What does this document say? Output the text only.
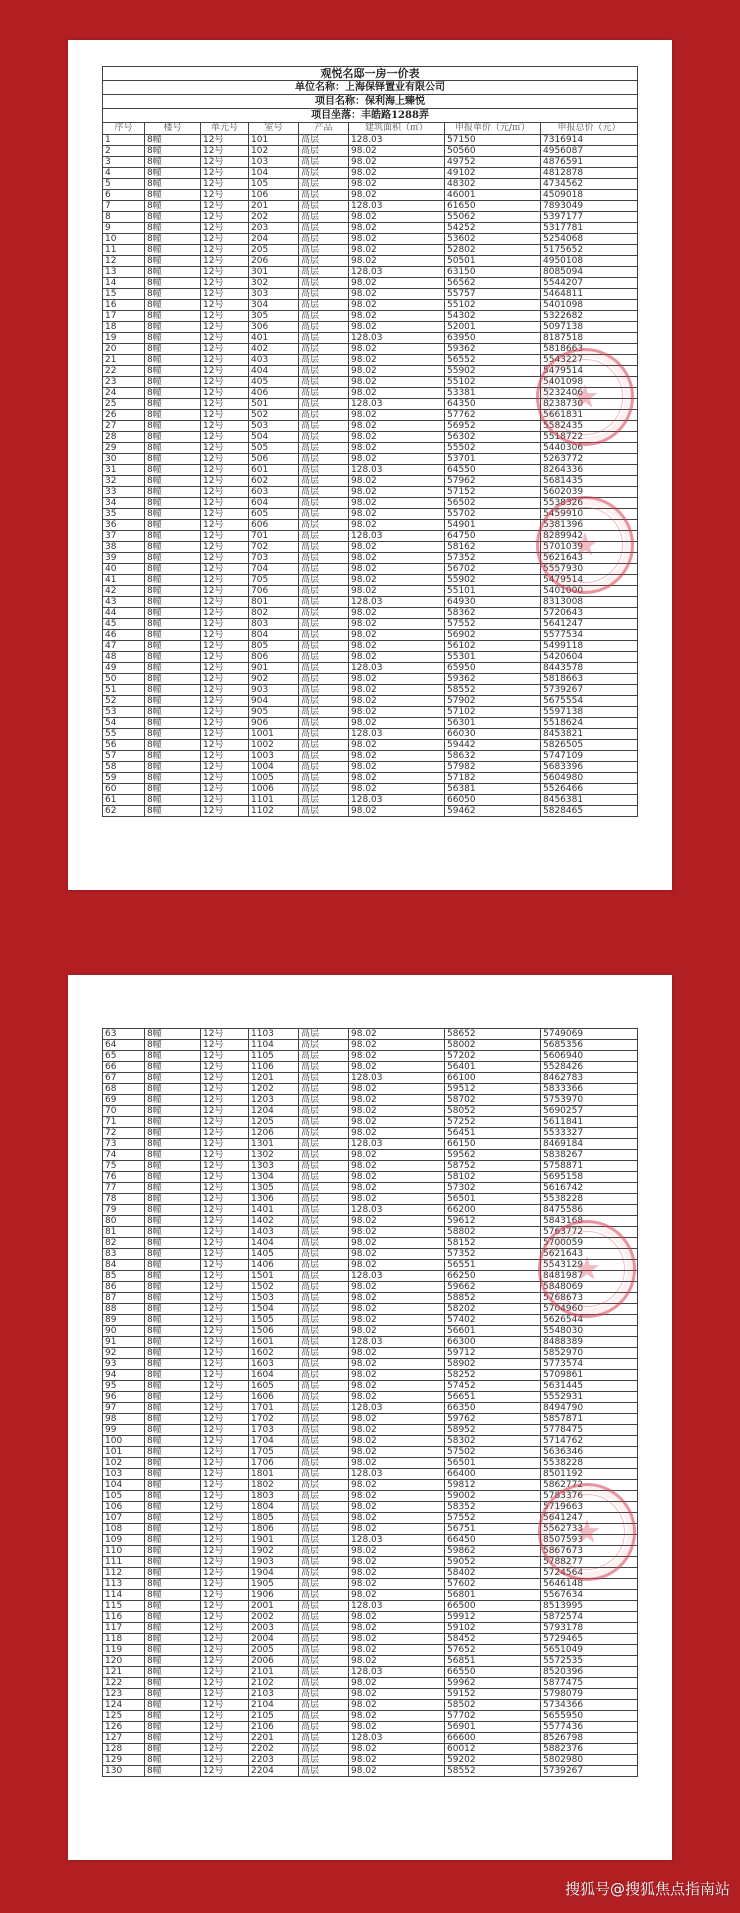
观悦名邸一房一价表							
单位名称：上海保铎置业有限公司							
项目名称：保利海上臻悦							
项目坐落：丰皓路1288弄							
序号	楼号	单元号	室号	产品	建筑面积（㎡）	申报单价（元/㎡）	申报总价（元）
1	8幢	12号	101	高层	128.03	57150	7316914
2	8幢	12号	102	高层	98.02	50560	4956087
3	8幢	12号	103	高层	98.02	49752	4876591
4	8幢	12号	104	高层	98.02	49102	4812878
5	8幢	12号	105	高层	98.02	48302	4734562
6	8幢	12号	106	高层	98.02	46001	4509018
7	8幢	12号	201	高层	128.03	61650	7893049
8	8幢	12号	202	高层	98.02	55062	5397177
9	8幢	12号	203	高层	98.02	54252	5317781
10	8幢	12号	204	高层	98.02	53602	5254068
11	8幢	12号	205	高层	98.02	52802	5175652
12	8幢	12号	206	高层	98.02	50501	4950108
13	8幢	12号	301	高层	128.03	63150	8085094
14	8幢	12号	302	高层	98.02	56562	5544207
15	8幢	12号	303	高层	98.02	55757	5464811
16	8幢	12号	304	高层	98.02	55102	5401098
17	8幢	12号	305	高层	98.02	54302	5322682
18	8幢	12号	306	高层	98.02	52001	5097138
19	8幢	12号	401	高层	128.03	63950	8187518
20	8幢	12号	402	高层	98.02	59362	5818663
21	8幢	12号	403	高层	98.02	56552	5543227
22	8幢	12号	404	高层	98.02	55902	5479514
23	8幢	12号	405	高层	98.02	55102	5401098
24	8幢	12号	406	高层	98.02	53381	5232406
25	8幢	12号	501	高层	128.03	64350	8238730
26	8幢	12号	502	高层	98.02	57762	5661831
27	8幢	12号	503	高层	98.02	56952	5582435
28	8幢	12号	504	高层	98.02	56302	5518722
29	8幢	12号	505	高层	98.02	55502	5440306
30	8幢	12号	506	高层	98.02	53701	5263772
31	8幢	12号	601	高层	128.03	64550	8264336
32	8幢	12号	602	高层	98.02	57962	5681435
33	8幢	12号	603	高层	98.02	57152	5602039
34	8幢	12号	604	高层	98.02	56502	5538326
35	8幢	12号	605	高层	98.02	55702	5459910
36	8幢	12号	606	高层	98.02	54901	5381396
37	8幢	12号	701	高层	128.03	64750	8289942
38	8幢	12号	702	高层	98.02	58162	5701039
39	8幢	12号	703	高层	98.02	57352	5621643
40	8幢	12号	704	高层	98.02	56702	5557930
41	8幢	12号	705	高层	98.02	55902	5479514
42	8幢	12号	706	高层	98.02	55101	5401000
43	8幢	12号	801	高层	128.03	64930	8313008
44	8幢	12号	802	高层	98.02	58362	5720643
45	8幢	12号	803	高层	98.02	57552	5641247
46	8幢	12号	804	高层	98.02	56902	5577534
47	8幢	12号	805	高层	98.02	56102	5499118
48	8幢	12号	806	高层	98.02	55301	5420604
49	8幢	12号	901	高层	128.03	65950	8443578
50	8幢	12号	902	高层	98.02	59362	5818663
51	8幢	12号	903	高层	98.02	58552	5739267
52	8幢	12号	904	高层	98.02	57902	5675554
53	8幢	12号	905	高层	98.02	57102	5597138
54	8幢	12号	906	高层	98.02	56301	5518624
55	8幢	12号	1001	高层	128.03	66030	8453821
56	8幢	12号	1002	高层	98.02	59442	5826505
57	8幢	12号	1003	高层	98.02	58632	5747109
58	8幢	12号	1004	高层	98.02	57982	5683396
59	8幢	12号	1005	高层	98.02	57182	5604980
60	8幢	12号	1006	高层	98.02	56381	5526466
61	8幢	12号	1101	高层	128.03	66050	8456381
62	8幢	12号	1102	高层	98.02	59462	5828465
63	8幢	12号	1103	高层	98.02	58652	5749069
64	8幢	12号	1104	高层	98.02	58002	5685356
65	8幢	12号	1105	高层	98.02	57202	5606940
66	8幢	12号	1106	高层	98.02	56401	5528426
67	8幢	12号	1201	高层	128.03	66100	8462783
68	8幢	12号	1202	高层	98.02	59512	5833366
69	8幢	12号	1203	高层	98.02	58702	5753970
70	8幢	12号	1204	高层	98.02	58052	5690257
71	8幢	12号	1205	高层	98.02	57252	5611841
72	8幢	12号	1206	高层	98.02	56451	5533327
73	8幢	12号	1301	高层	128.03	66150	8469184
74	8幢	12号	1302	高层	98.02	59562	5838267
75	8幢	12号	1303	高层	98.02	58752	5758871
76	8幢	12号	1304	高层	98.02	58102	5695158
77	8幢	12号	1305	高层	98.02	57302	5616742
78	8幢	12号	1306	高层	98.02	56501	5538228
79	8幢	12号	1401	高层	128.03	66200	8475586
80	8幢	12号	1402	高层	98.02	59612	5843168
81	8幢	12号	1403	高层	98.02	58802	5763772
82	8幢	12号	1404	高层	98.02	58152	5700059
83	8幢	12号	1405	高层	98.02	57352	5621643
84	8幢	12号	1406	高层	98.02	56551	5543129
85	8幢	12号	1501	高层	128.03	66250	8481987
86	8幢	12号	1502	高层	98.02	59662	5848069
87	8幢	12号	1503	高层	98.02	58852	5768673
88	8幢	12号	1504	高层	98.02	58202	5704960
89	8幢	12号	1505	高层	98.02	57402	5626544
90	8幢	12号	1506	高层	98.02	56601	5548030
91	8幢	12号	1601	高层	128.03	66300	8488389
92	8幢	12号	1602	高层	98.02	59712	5852970
93	8幢	12号	1603	高层	98.02	58902	5773574
94	8幢	12号	1604	高层	98.02	58252	5709861
95	8幢	12号	1605	高层	98.02	57452	5631445
96	8幢	12号	1606	高层	98.02	56651	5552931
97	8幢	12号	1701	高层	128.03	66350	8494790
98	8幢	12号	1702	高层	98.02	59762	5857871
99	8幢	12号	1703	高层	98.02	58952	5778475
100	8幢	12号	1704	高层	98.02	58302	5714762
101	8幢	12号	1705	高层	98.02	57502	5636346
102	8幢	12号	1706	高层	98.02	56501	5538228
103	8幢	12号	1801	高层	128.03	66400	8501192
104	8幢	12号	1802	高层	98.02	59812	5862772
105	8幢	12号	1803	高层	98.02	59002	5783376
106	8幢	12号	1804	高层	98.02	58352	5719663
107	8幢	12号	1805	高层	98.02	57552	5641247
108	8幢	12号	1806	高层	98.02	56751	5562733
109	8幢	12号	1901	高层	128.03	66450	8507593
110	8幢	12号	1902	高层	98.02	59862	5867673
111	8幢	12号	1903	高层	98.02	59052	5788277
112	8幢	12号	1904	高层	98.02	58402	5724564
113	8幢	12号	1905	高层	98.02	57602	5646148
114	8幢	12号	1906	高层	98.02	56801	5567634
115	8幢	12号	2001	高层	128.03	66500	8513995
116	8幢	12号	2002	高层	98.02	59912	5872574
117	8幢	12号	2003	高层	98.02	59102	5793178
118	8幢	12号	2004	高层	98.02	58452	5729465
119	8幢	12号	2005	高层	98.02	57652	5651049
120	8幢	12号	2006	高层	98.02	56851	5572535
121	8幢	12号	2101	高层	128.03	66550	8520396
122	8幢	12号	2102	高层	98.02	59962	5877475
123	8幢	12号	2103	高层	98.02	59152	5798079
124	8幢	12号	2104	高层	98.02	58502	5734366
125	8幢	12号	2105	高层	98.02	57702	5655950
126	8幢	12号	2106	高层	98.02	56901	5577436
127	8幢	12号	2201	高层	128.03	66600	8526798
128	8幢	12号	2202	高层	98.02	60012	5882376
129	8幢	12号	2203	高层	98.02	59202	5802980
130	8幢	12号	2204	高层	98.02	58552	5739267
搜狐号@搜狐焦点指南站
